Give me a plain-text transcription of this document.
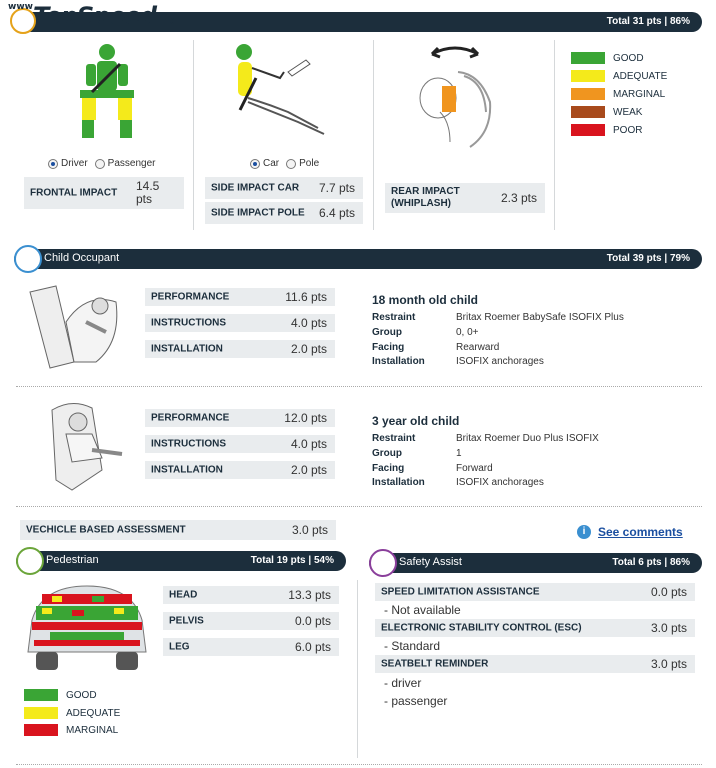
Total 31 pts | 86%
$^{www}$TopSpeed.sk
Driver Passenger
FRONTAL IMPACT 14.5 pts
Car Pole
SIDE IMPACT CAR 7.7 pts
SIDE IMPACT POLE 6.4 pts
REAR IMPACT
(WHIPLASH)	2.3 pts
GOOD
ADEQUATE
MARGINAL
WEAK
POOR
Child Occupant	Total 39 pts | 79%
PERFORMANCE	11.6 pts
INSTRUCTIONS	4.0 pts
INSTALLATION	2.0 pts
18 month old child
Restraint	Britax Roemer BabySafe ISOFIX Plus
Group	0, 0+
Facing	Rearward
Installation	ISOFIX anchorages
PERFORMANCE	12.0 pts
INSTRUCTIONS	4.0 pts
INSTALLATION	2.0 pts
3 year old child
Restraint	Britax Roemer Duo Plus ISOFIX
Group	1
Facing	Forward
Installation	ISOFIX anchorages
VECHICLE BASED ASSESSMENT	3.0 pts	i	See comments
Pedestrian	Total 19 pts | 54%
HEAD	13.3 pts
PELVIS	0.0 pts
LEG	6.0 pts
GOOD
ADEQUATE
MARGINAL
Safety Assist	Total 6 pts | 86%
SPEED LIMITATION ASSISTANCE	0.0 pts
- Not available
ELECTRONIC STABILITY CONTROL (ESC)	3.0 pts
- Standard
SEATBELT REMINDER	3.0 pts
- driver
- passenger
